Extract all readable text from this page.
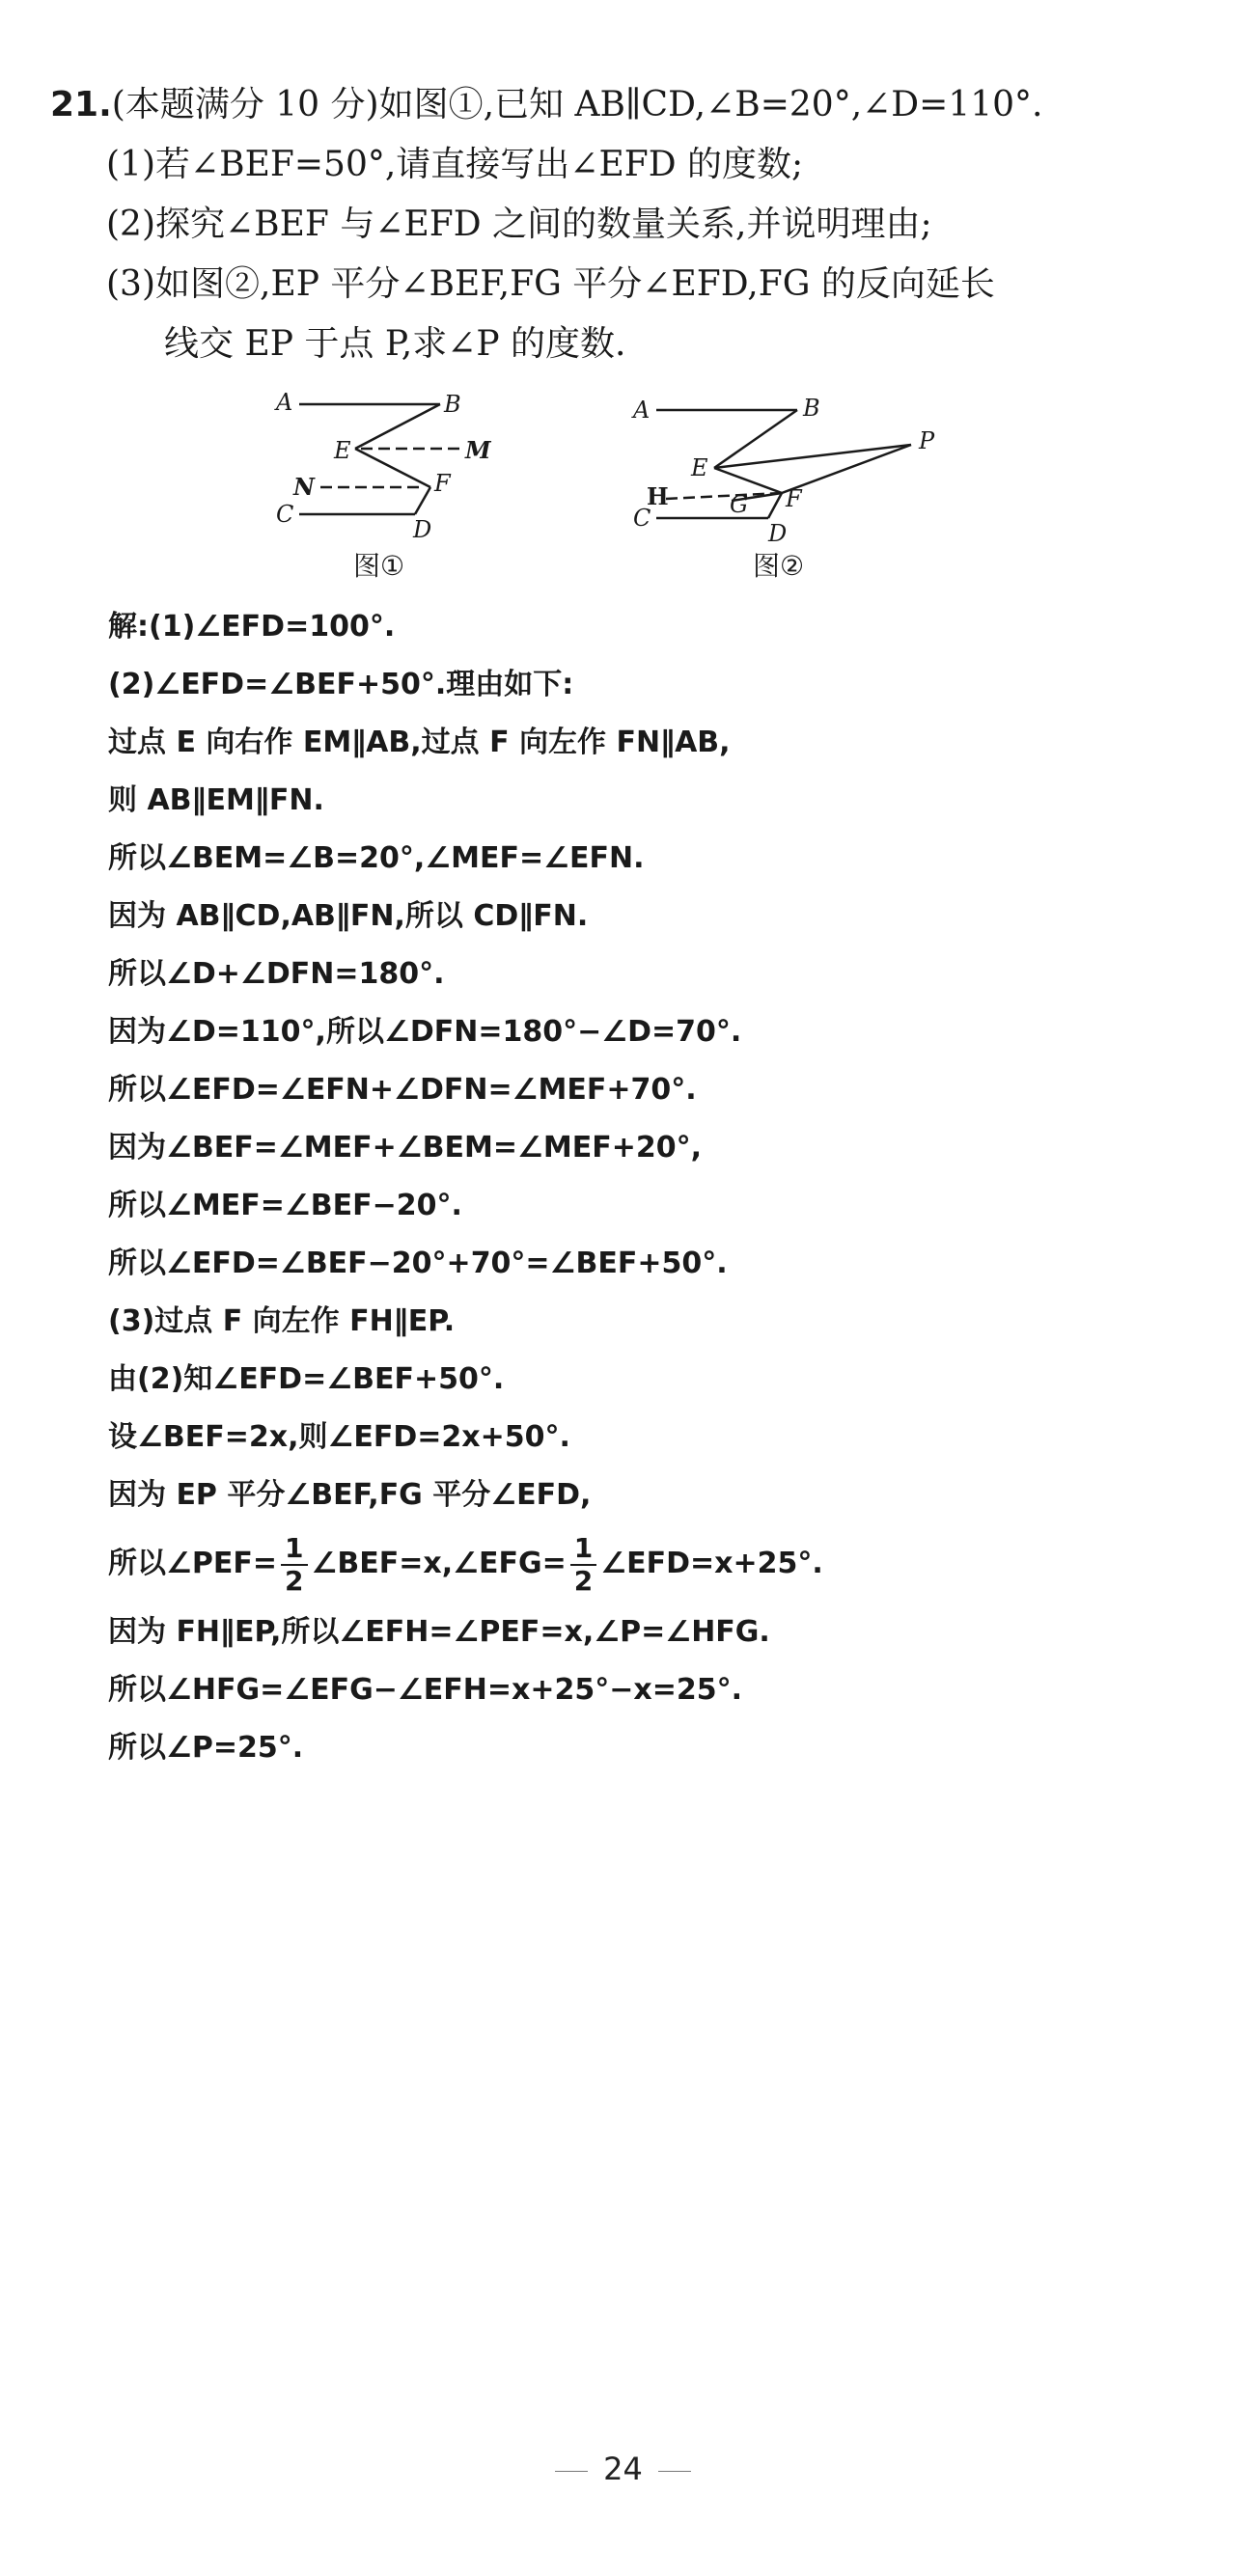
21.(本题满分 10 分)如图①,已知 AB∥CD,∠B=20°,∠D=110°.
(1)若∠BEF=50°,请直接写出∠EFD 的度数;
(2)探究∠BEF 与∠EFD 之间的数量关系,并说明理由;
(3)如图②,EP 平分∠BEF,FG 平分∠EFD,FG 的反向延长
线交 EP 于点 P,求∠P 的度数.
A	B
E	M
N	F
C
D
图①
A	B
E
P
H	G F
C
D
图②
解:(1)∠EFD=100°.
(2)∠EFD=∠BEF+50°.理由如下:
过点 E 向右作 EM∥AB,过点 F 向左作 FN∥AB,
则 AB∥EM∥FN.
所以∠BEM=∠B=20°,∠MEF=∠EFN.
因为 AB∥CD,AB∥FN,所以 CD∥FN.
所以∠D+∠DFN=180°.
因为∠D=110°,所以∠DFN=180°−∠D=70°.
所以∠EFD=∠EFN+∠DFN=∠MEF+70°.
因为∠BEF=∠MEF+∠BEM=∠MEF+20°,
所以∠MEF=∠BEF−20°.
所以∠EFD=∠BEF−20°+70°=∠BEF+50°.
(3)过点 F 向左作 FH∥EP.
由(2)知∠EFD=∠BEF+50°.
设∠BEF=2x,则∠EFD=2x+50°.
因为 EP 平分∠BEF,FG 平分∠EFD,
所以∠PEF= $\frac{1}{2}$ ∠BEF=x,∠EFG= $\frac{1}{2}$ ∠EFD=x+25°.
因为 FH∥EP,所以∠EFH=∠PEF=x,∠P=∠HFG.
所以∠HFG=∠EFG−∠EFH=x+25°−x=25°.
所以∠P=25°.
24
